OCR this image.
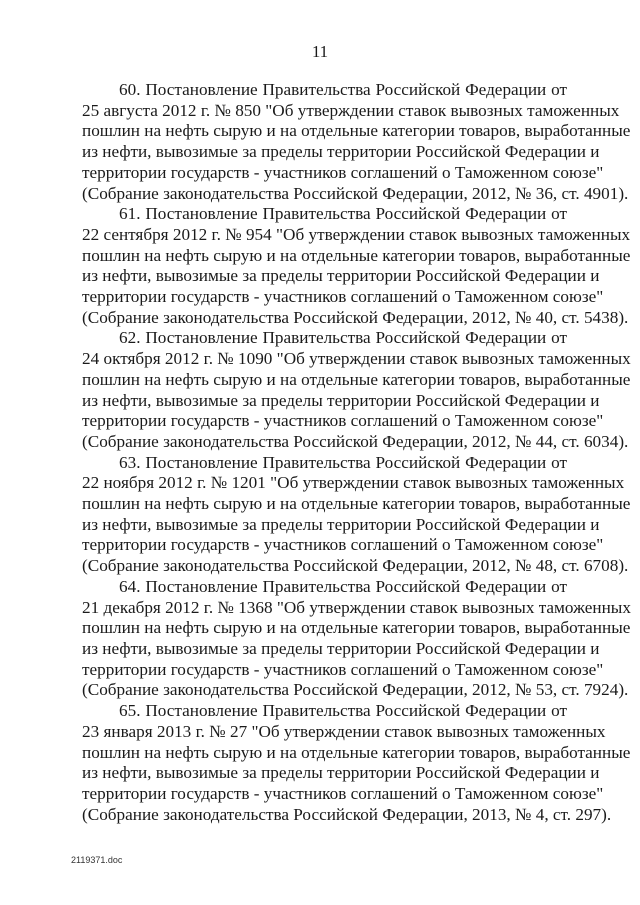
11

60. Постановление Правительства Российской Федерации от
25 августа 2012 г. № 850 "Об утверждении ставок вывозных таможенных
пошлин на нефть сырую и на отдельные категории товаров, выработанные
из нефти, вывозимые за пределы территории Российской Федерации и
территории государств - участников соглашений о Таможенном союзе"
(Собрание законодательства Российской Федерации, 2012, № 36, ст. 4901).

61. Постановление Правительства Российской Федерации от
22 сентября 2012 г. № 954 "Об утверждении ставок вывозных таможенных
пошлин на нефть сырую и на отдельные категории товаров, выработанные
из нефти, вывозимые за пределы территории Российской Федерации и
территории государств - участников соглашений о Таможенном союзе"
(Собрание законодательства Российской Федерации, 2012, № 40, ст. 5438).

62. Постановление Правительства Российской Федерации от
24 октября 2012 г. № 1090 "Об утверждении ставок вывозных таможенных
пошлин на нефть сырую и на отдельные категории товаров, выработанные
из нефти, вывозимые за пределы территории Российской Федерации и
территории государств - участников соглашений о Таможенном союзе"
(Собрание законодательства Российской Федерации, 2012, № 44, ст. 6034).

63. Постановление Правительства Российской Федерации от
22 ноября 2012 г. № 1201 "Об утверждении ставок вывозных таможенных
пошлин на нефть сырую и на отдельные категории товаров, выработанные
из нефти, вывозимые за пределы территории Российской Федерации и
территории государств - участников соглашений о Таможенном союзе"
(Собрание законодательства Российской Федерации, 2012, № 48, ст. 6708).

64. Постановление Правительства Российской Федерации от
21 декабря 2012 г. № 1368 "Об утверждении ставок вывозных таможенных
пошлин на нефть сырую и на отдельные категории товаров, выработанные
из нефти, вывозимые за пределы территории Российской Федерации и
территории государств - участников соглашений о Таможенном союзе"
(Собрание законодательства Российской Федерации, 2012, № 53, ст. 7924).

65. Постановление Правительства Российской Федерации от
23 января 2013 г. № 27 "Об утверждении ставок вывозных таможенных
пошлин на нефть сырую и на отдельные категории товаров, выработанные
из нефти, вывозимые за пределы территории Российской Федерации и
территории государств - участников соглашений о Таможенном союзе"
(Собрание законодательства Российской Федерации, 2013, № 4, ст. 297).

2119371.doc
